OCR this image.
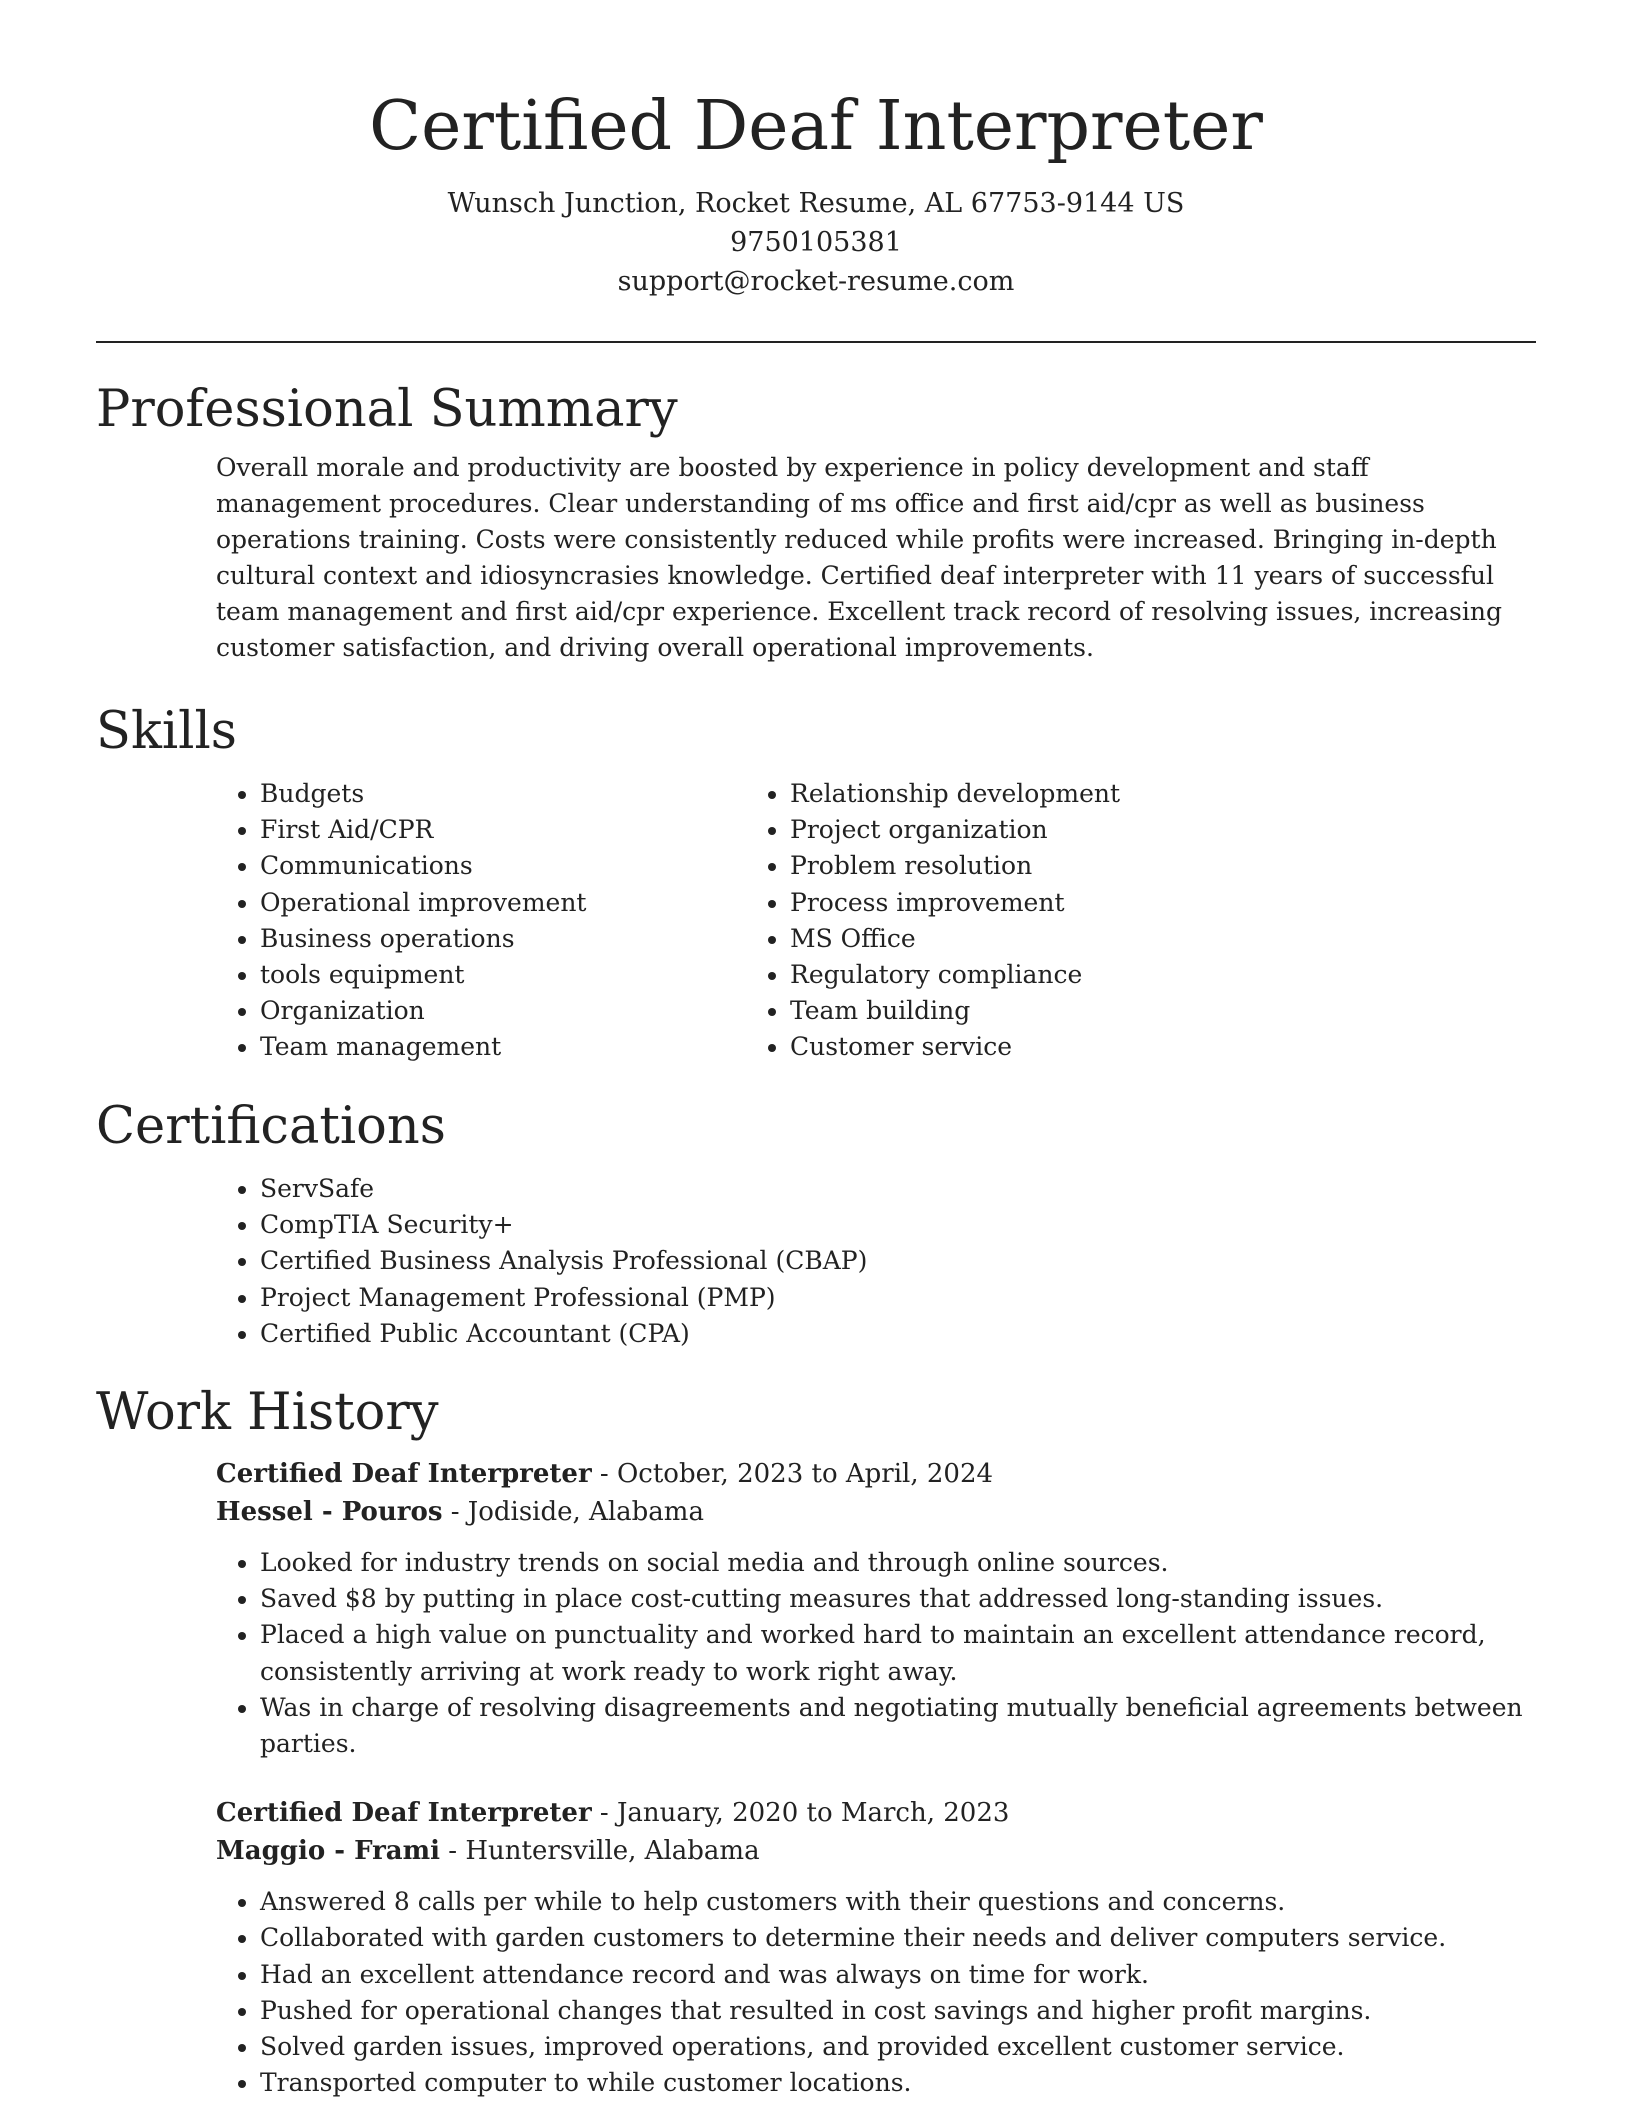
Certified Deaf Interpreter

Wunsch Junction, Rocket Resume, AL 67753-9144 US

9750105381

support@rocket-resume.com

Professional Summary

Overall morale and productivity are boosted by experience in policy development and staff management procedures. Clear understanding of ms office and first aid/cpr as well as business operations training. Costs were consistently reduced while profits were increased. Bringing in-depth cultural context and idiosyncrasies knowledge. Certified deaf interpreter with 11 years of successful team management and first aid/cpr experience. Excellent track record of resolving issues, increasing customer satisfaction, and driving overall operational improvements.

Skills
• Budgets
• First Aid/CPR
• Communications
• Operational improvement
• Business operations
• tools equipment
• Organization
• Team management
• Relationship development
• Project organization
• Problem resolution
• Process improvement
• MS Office
• Regulatory compliance
• Team building
• Customer service
Certifications
• ServSafe
• CompTIA Security+
• Certified Business Analysis Professional (CBAP)
• Project Management Professional (PMP)
• Certified Public Accountant (CPA)
Work History

Certified Deaf Interpreter - October, 2023 to April, 2024

Hessel - Pouros - Jodiside, Alabama

• Looked for industry trends on social media and through online sources.
• Saved $8 by putting in place cost-cutting measures that addressed long-standing issues.
• Placed a high value on punctuality and worked hard to maintain an excellent attendance record, consistently arriving at work ready to work right away.
• Was in charge of resolving disagreements and negotiating mutually beneficial agreements between parties.

Certified Deaf Interpreter - January, 2020 to March, 2023

Maggio - Frami - Huntersville, Alabama

• Answered 8 calls per while to help customers with their questions and concerns.
• Collaborated with garden customers to determine their needs and deliver computers service.
• Had an excellent attendance record and was always on time for work.
• Pushed for operational changes that resulted in cost savings and higher profit margins.
• Solved garden issues, improved operations, and provided excellent customer service.
• Transported computer to while customer locations.
